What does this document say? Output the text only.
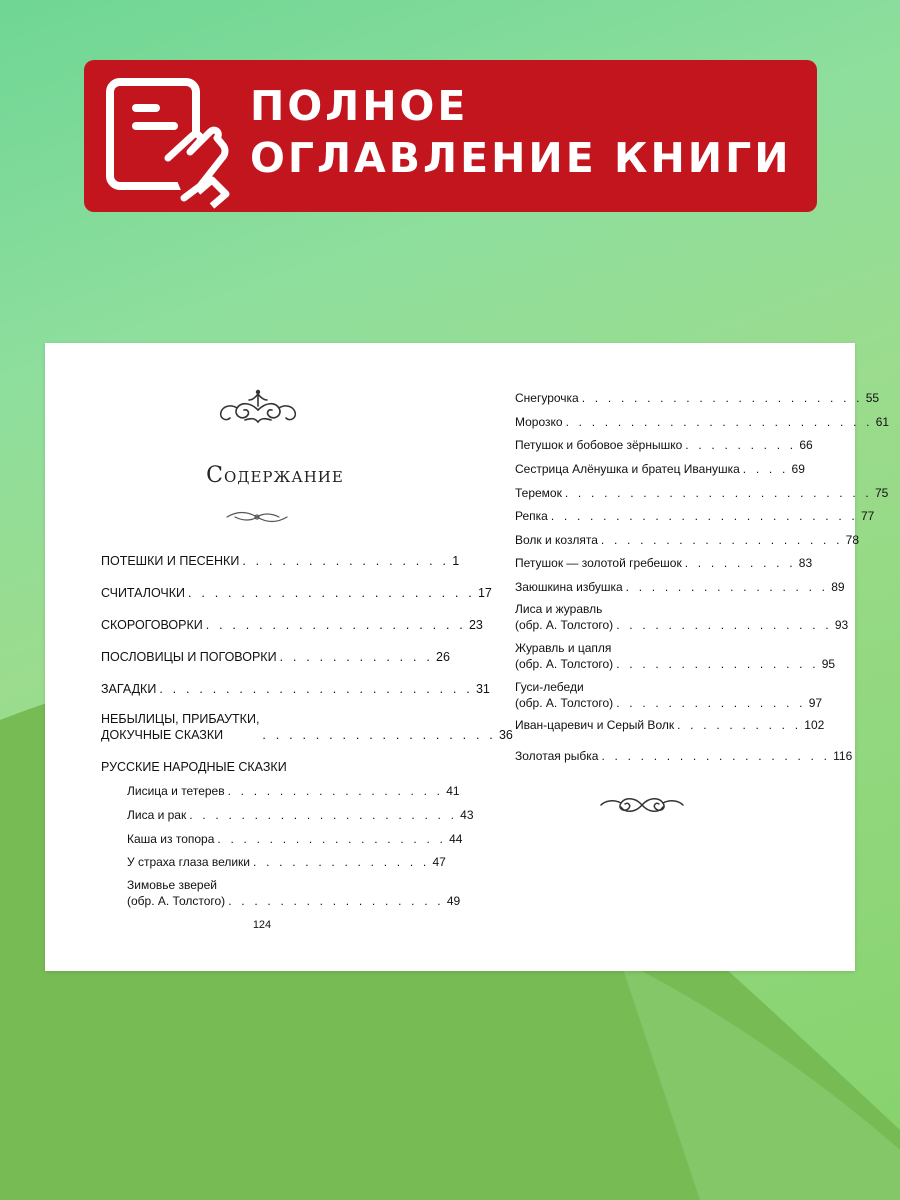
ПОЛНОЕ
ОГЛАВЛЕНИЕ КНИГИ
Содержание
ПОТЕШКИ И ПЕСЕНКИ . . . . . . . . . . . . . . . . 1
СЧИТАЛОЧКИ . . . . . . . . . . . . . . . . . . . . . . 17
СКОРОГОВОРКИ . . . . . . . . . . . . . . . . . . . . 23
ПОСЛОВИЦЫ И ПОГОВОРКИ . . . . . . . . . . . . 26
ЗАГАДКИ . . . . . . . . . . . . . . . . . . . . . . . . 31
НЕБЫЛИЦЫ, ПРИБАУТКИ,
ДОКУЧНЫЕ СКАЗКИ	. . . . . . . . . . . . . . . . . . 36
РУССКИЕ НАРОДНЫЕ СКАЗКИ
Лисица и тетерев . . . . . . . . . . . . . . . . . 41
Лиса и рак . . . . . . . . . . . . . . . . . . . . . 43
Каша из топора . . . . . . . . . . . . . . . . . . 44
У страха глаза велики . . . . . . . . . . . . . . 47
Зимовье зверей
(обр. А. Толстого) . . . . . . . . . . . . . . . . . 49
124
Снегурочка . . . . . . . . . . . . . . . . . . . . . . 55
Морозко . . . . . . . . . . . . . . . . . . . . . . . . 61
Петушок и бобовое зёрнышко . . . . . . . . . 66
Сестрица Алёнушка и братец Иванушка . . . . 69
Теремок . . . . . . . . . . . . . . . . . . . . . . . . 75
Репка . . . . . . . . . . . . . . . . . . . . . . . . 77
Волк и козлята . . . . . . . . . . . . . . . . . . . 78
Петушок — золотой гребешок . . . . . . . . . 83
Заюшкина избушка . . . . . . . . . . . . . . . . 89
Лиса и журавль
(обр. А. Толстого) . . . . . . . . . . . . . . . . . 93
Журавль и цапля
(обр. А. Толстого) . . . . . . . . . . . . . . . . 95
Гуси-лебеди
(обр. А. Толстого) . . . . . . . . . . . . . . . 97
Иван-царевич и Серый Волк . . . . . . . . . . 102
Золотая рыбка . . . . . . . . . . . . . . . . . . 116
